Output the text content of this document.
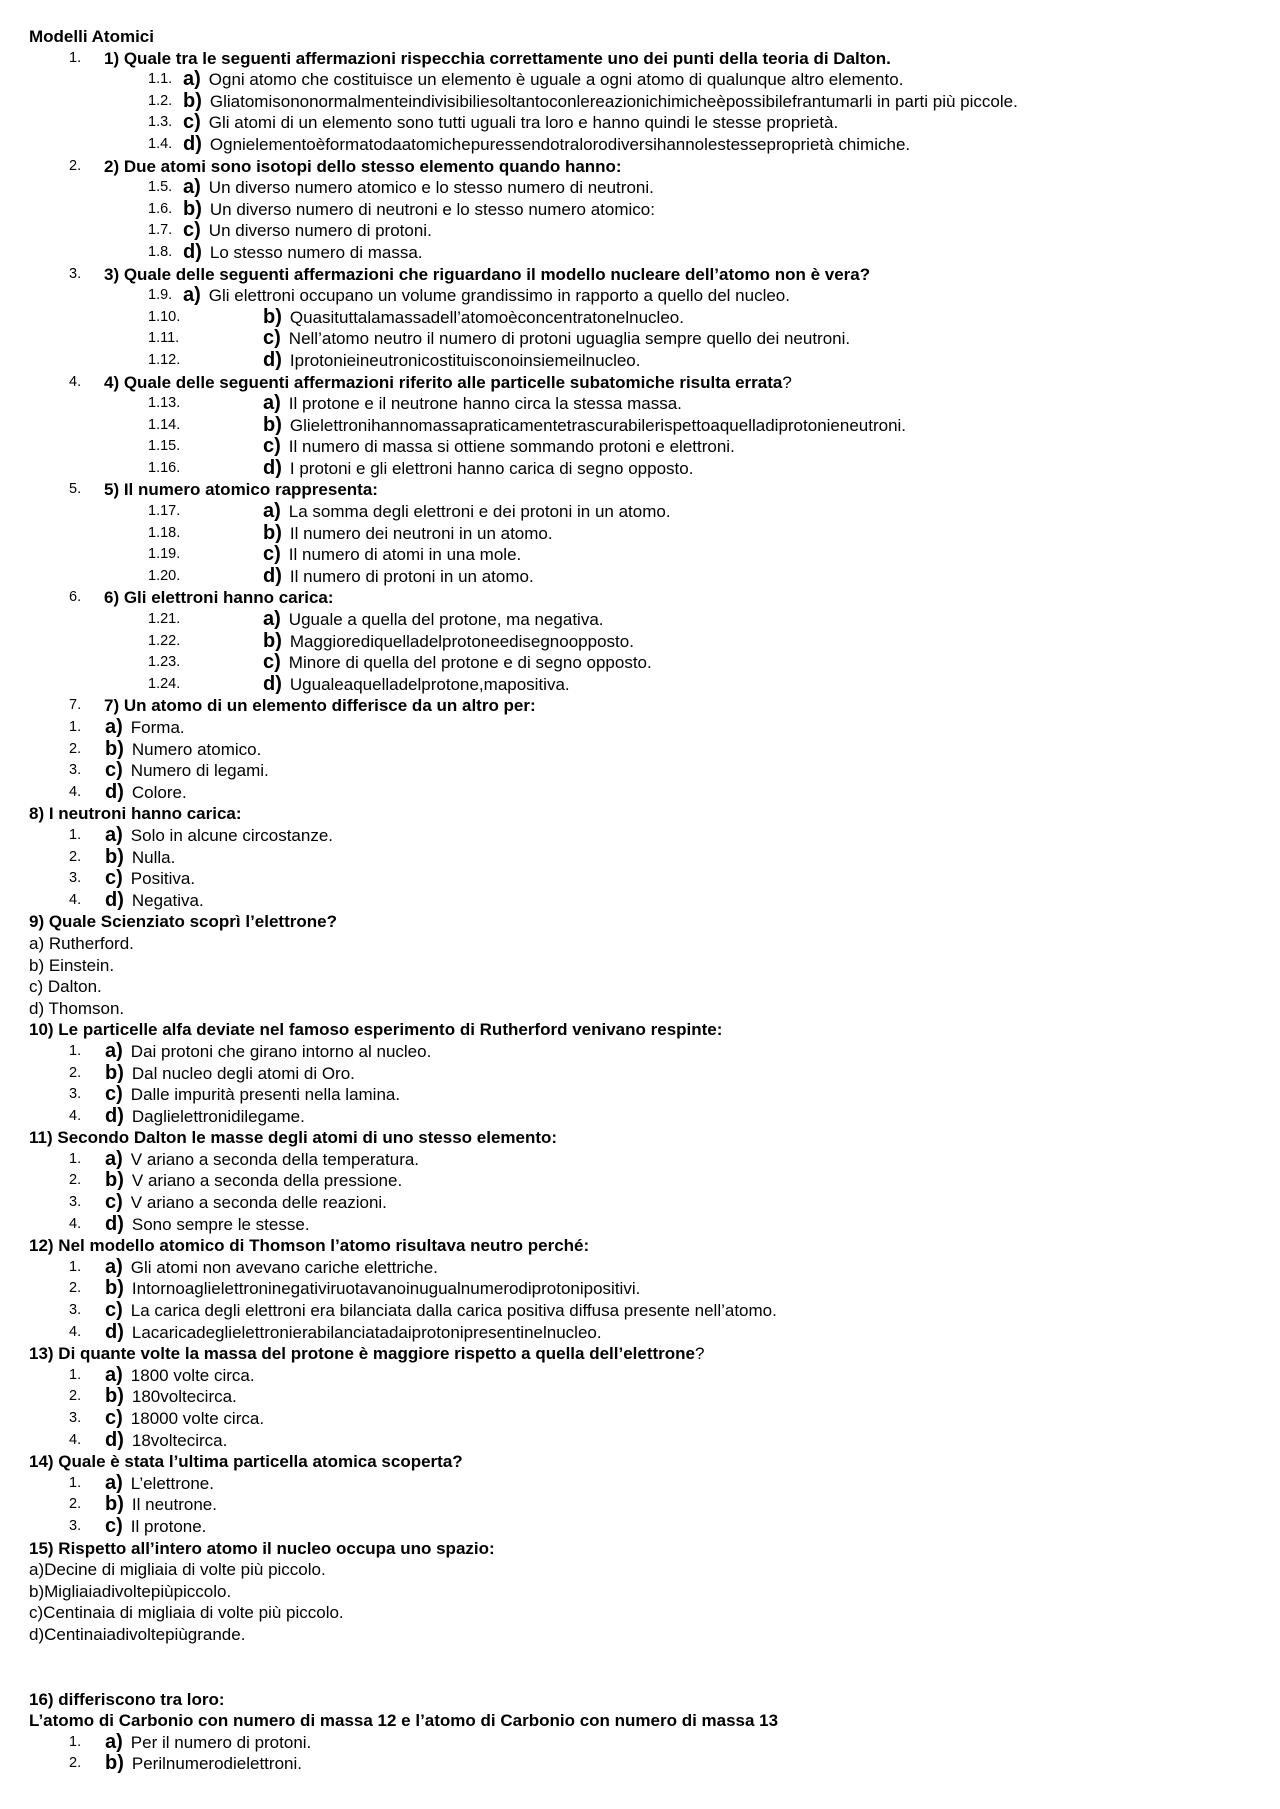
Modelli Atomici
1. 1) Quale tra le seguenti affermazioni rispecchia correttamente uno dei punti della teoria di Dalton.
1.1. a) Ogni atomo che costituisce un elemento è uguale a ogni atomo di qualunque altro elemento.
1.2. b) Gliatomisononormalmenteindivisibiliesoltantoconlereazionichimicheèpossibilefrantumarli in parti più piccole.
1.3. c) Gli atomi di un elemento sono tutti uguali tra loro e hanno quindi le stesse proprietà.
1.4. d) Ognielementoèformatodaatomichepuressendotralorodiversihannolestesseproprietà chimiche.
2. 2) Due atomi sono isotopi dello stesso elemento quando hanno:
1.5. a) Un diverso numero atomico e lo stesso numero di neutroni.
1.6. b) Un diverso numero di neutroni e lo stesso numero atomico:
1.7. c) Un diverso numero di protoni.
1.8. d) Lo stesso numero di massa.
3. 3) Quale delle seguenti affermazioni che riguardano il modello nucleare dell’atomo non è vera?
1.9. a) Gli elettroni occupano un volume grandissimo in rapporto a quello del nucleo.
1.10.	b) Quasituttalamassadell’atomoèconcentratonelnucleo.
1.11.	c) Nell’atomo neutro il numero di protoni uguaglia sempre quello dei neutroni.
1.12.	d) Iprotonieineutronicostituisconoinsiemeilnucleo.
4. 4) Quale delle seguenti affermazioni riferito alle particelle subatomiche risulta errata?
1.13.	a) Il protone e il neutrone hanno circa la stessa massa.
1.14.	b) Glielettronihannomassapraticamentetrascurabilerispettoaquelladiprotonieneutroni.
1.15.	c) Il numero di massa si ottiene sommando protoni e elettroni.
1.16.	d) I protoni e gli elettroni hanno carica di segno opposto.
5. 5) Il numero atomico rappresenta:
1.17.	a) La somma degli elettroni e dei protoni in un atomo.
1.18.	b) Il numero dei neutroni in un atomo.
1.19.	c) Il numero di atomi in una mole.
1.20.	d) Il numero di protoni in un atomo.
6. 6) Gli elettroni hanno carica:
1.21.	a) Uguale a quella del protone, ma negativa.
1.22.	b) Maggiorediquelladelprotoneedisegnoopposto.
1.23.	c) Minore di quella del protone e di segno opposto.
1.24.	d) Ugualeaquelladelprotone,mapositiva.
7. 7) Un atomo di un elemento differisce da un altro per:
1. a) Forma.
2. b) Numero atomico.
3. c) Numero di legami.
4. d) Colore.
8) I neutroni hanno carica:
1. a) Solo in alcune circostanze.
2. b) Nulla.
3. c) Positiva.
4. d) Negativa.
9) Quale Scienziato scoprì l’elettrone?
a) Rutherford.
b) Einstein.
c) Dalton.
d) Thomson.
10) Le particelle alfa deviate nel famoso esperimento di Rutherford venivano respinte:
1. a) Dai protoni che girano intorno al nucleo.
2. b) Dal nucleo degli atomi di Oro.
3. c) Dalle impurità presenti nella lamina.
4. d) Daglielettronidilegame.
11) Secondo Dalton le masse degli atomi di uno stesso elemento:
1. a) V ariano a seconda della temperatura.
2. b) V ariano a seconda della pressione.
3. c) V ariano a seconda delle reazioni.
4. d) Sono sempre le stesse.
12) Nel modello atomico di Thomson l’atomo risultava neutro perché:
1. a) Gli atomi non avevano cariche elettriche.
2. b) Intornoaglielettroninegativiruotavanoinugualnumerodiprotonipositivi.
3. c) La carica degli elettroni era bilanciata dalla carica positiva diffusa presente nell’atomo.
4. d) Lacaricadeglielettronierabilanciatadaiprotonipresentinelnucleo.
13) Di quante volte la massa del protone è maggiore rispetto a quella dell’elettrone?
1. a) 1800 volte circa.
2. b) 180voltecirca.
3. c) 18000 volte circa.
4. d) 18voltecirca.
14) Quale è stata l’ultima particella atomica scoperta?
1. a) L’elettrone.
2. b) Il neutrone.
3. c) Il protone.
15) Rispetto all’intero atomo il nucleo occupa uno spazio:
a)Decine di migliaia di volte più piccolo.
b)Migliaiadivoltepiùpiccolo.
c)Centinaia di migliaia di volte più piccolo.
d)Centinaiadivoltepiùgrande.
16) differiscono tra loro:
L’atomo di Carbonio con numero di massa 12 e l’atomo di Carbonio con numero di massa 13
1. a) Per il numero di protoni.
2. b) Perilnumerodielettroni.
